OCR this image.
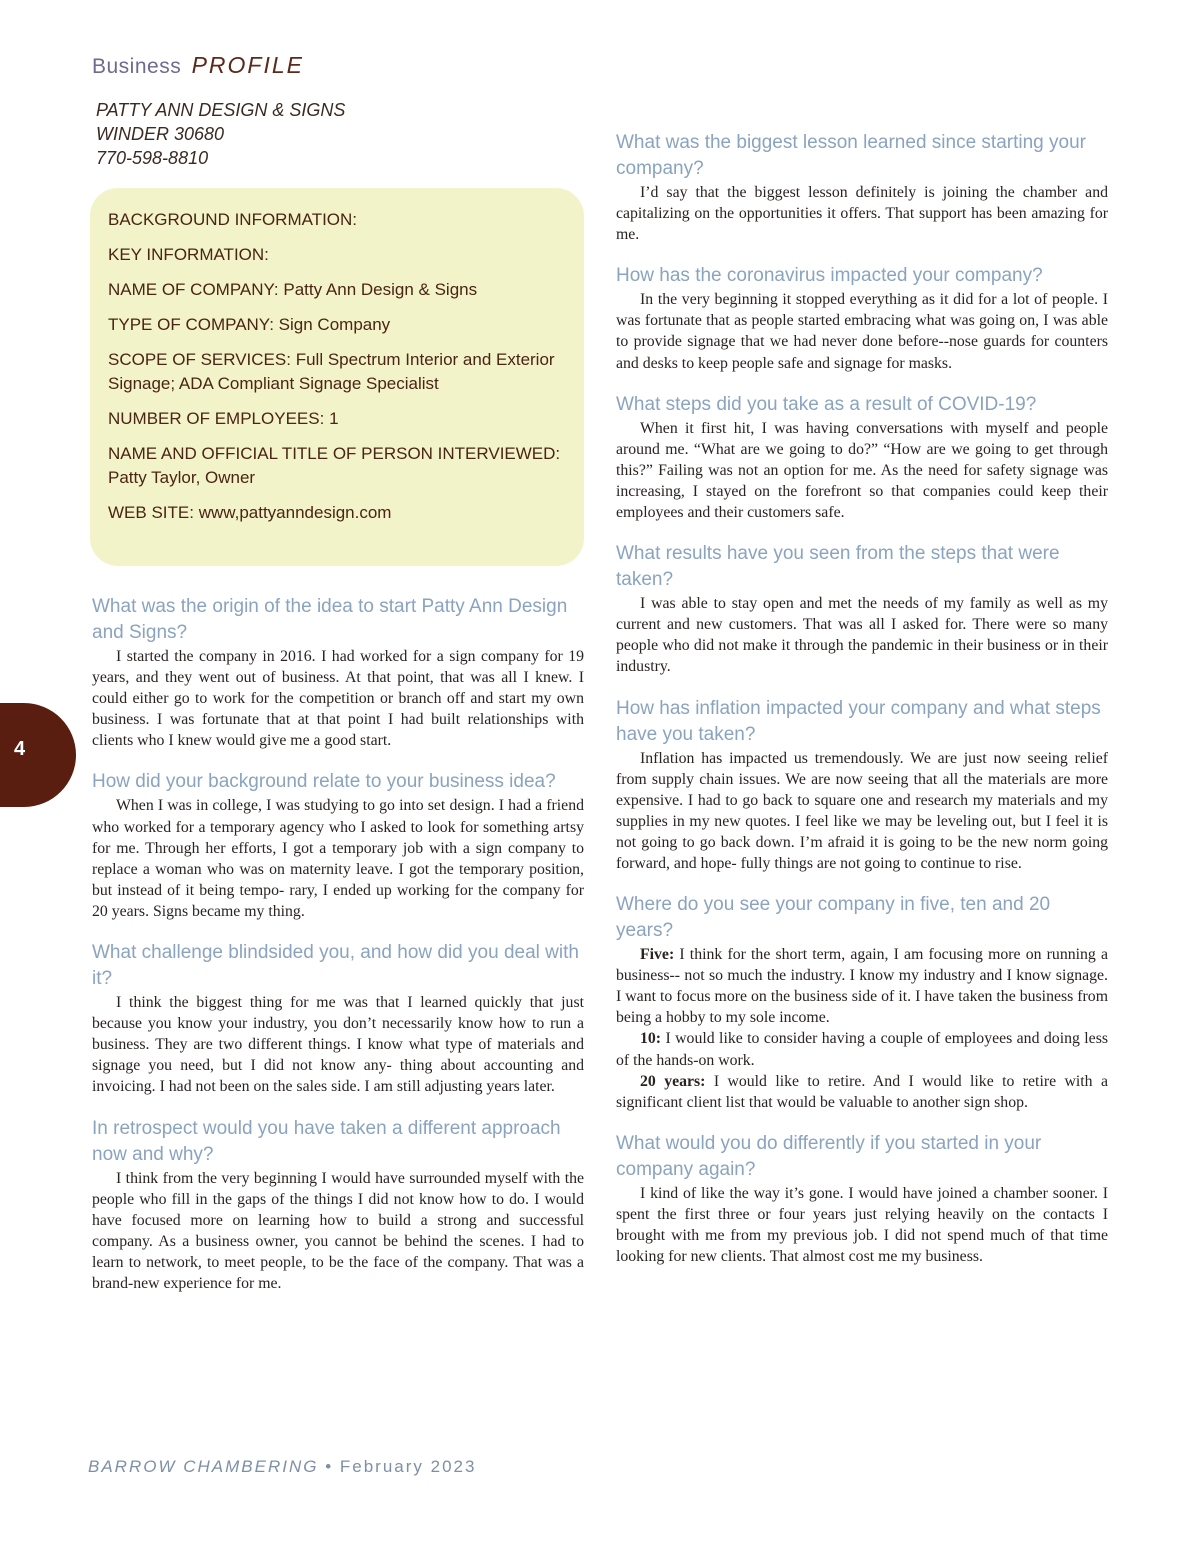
Business PROFILE
PATTY ANN DESIGN & SIGNS
WINDER 30680
770-598-8810
BACKGROUND INFORMATION:
KEY INFORMATION:
NAME OF COMPANY: Patty Ann Design & Signs
TYPE OF COMPANY: Sign Company
SCOPE OF SERVICES: Full Spectrum Interior and Exterior Signage; ADA Compliant Signage Specialist
NUMBER OF EMPLOYEES: 1
NAME AND OFFICIAL TITLE OF PERSON INTERVIEWED: Patty Taylor, Owner
WEB SITE: www,pattyanndesign.com
What was the origin of the idea to start Patty Ann Design and Signs?

I started the company in 2016. I had worked for a sign company for 19 years, and they went out of business. At that point, that was all I knew. I could either go to work for the competition or branch off and start my own business. I was fortunate that at that point I had built relationships with clients who I knew would give me a good start.

How did your background relate to your business idea?

When I was in college, I was studying to go into set design. I had a friend who worked for a temporary agency who I asked to look for something artsy for me. Through her efforts, I got a temporary job with a sign company to replace a woman who was on maternity leave. I got the temporary position, but instead of it being tempo- rary, I ended up working for the company for 20 years. Signs became my thing.

What challenge blindsided you, and how did you deal with it?

I think the biggest thing for me was that I learned quickly that just because you know your industry, you don’t necessarily know how to run a business. They are two different things. I know what type of materials and signage you need, but I did not know any- thing about accounting and invoicing. I had not been on the sales side. I am still adjusting years later.

In retrospect would you have taken a different approach now and why?

I think from the very beginning I would have surrounded myself with the people who fill in the gaps of the things I did not know how to do. I would have focused more on learning how to build a strong and successful company. As a business owner, you cannot be behind the scenes. I had to learn to network, to meet people, to be the face of the company. That was a brand-new experience for me.

What was the biggest lesson learned since starting your company?

I’d say that the biggest lesson definitely is joining the chamber and capitalizing on the opportunities it offers. That support has been amazing for me.

How has the coronavirus impacted your company?

In the very beginning it stopped everything as it did for a lot of people. I was fortunate that as people started embracing what was going on, I was able to provide signage that we had never done before--nose guards for counters and desks to keep people safe and signage for masks.

What steps did you take as a result of COVID-19?

When it first hit, I was having conversations with myself and people around me. “What are we going to do?” “How are we going to get through this?” Failing was not an option for me. As the need for safety signage was increasing, I stayed on the forefront so that companies could keep their employees and their customers safe.

What results have you seen from the steps that were taken?

I was able to stay open and met the needs of my family as well as my current and new customers. That was all I asked for. There were so many people who did not make it through the pandemic in their business or in their industry.

How has inflation impacted your company and what steps have you taken?

Inflation has impacted us tremendously. We are just now seeing relief from supply chain issues. We are now seeing that all the materials are more expensive. I had to go back to square one and research my materials and my supplies in my new quotes. I feel like we may be leveling out, but I feel it is not going to go back down. I’m afraid it is going to be the new norm going forward, and hope- fully things are not going to continue to rise.

Where do you see your company in five, ten and 20 years?

Five: I think for the short term, again, I am focusing more on running a business-- not so much the industry. I know my industry and I know signage. I want to focus more on the business side of it. I have taken the business from being a hobby to my sole income.

10: I would like to consider having a couple of employees and doing less of the hands-on work.

20 years: I would like to retire. And I would like to retire with a significant client list that would be valuable to another sign shop.

What would you do differently if you started in your company again?

I kind of like the way it’s gone. I would have joined a chamber sooner. I spent the first three or four years just relying heavily on the contacts I brought with me from my previous job. I did not spend much of that time looking for new clients. That almost cost me my business.

4
BARROW CHAMBERING • February 2023
